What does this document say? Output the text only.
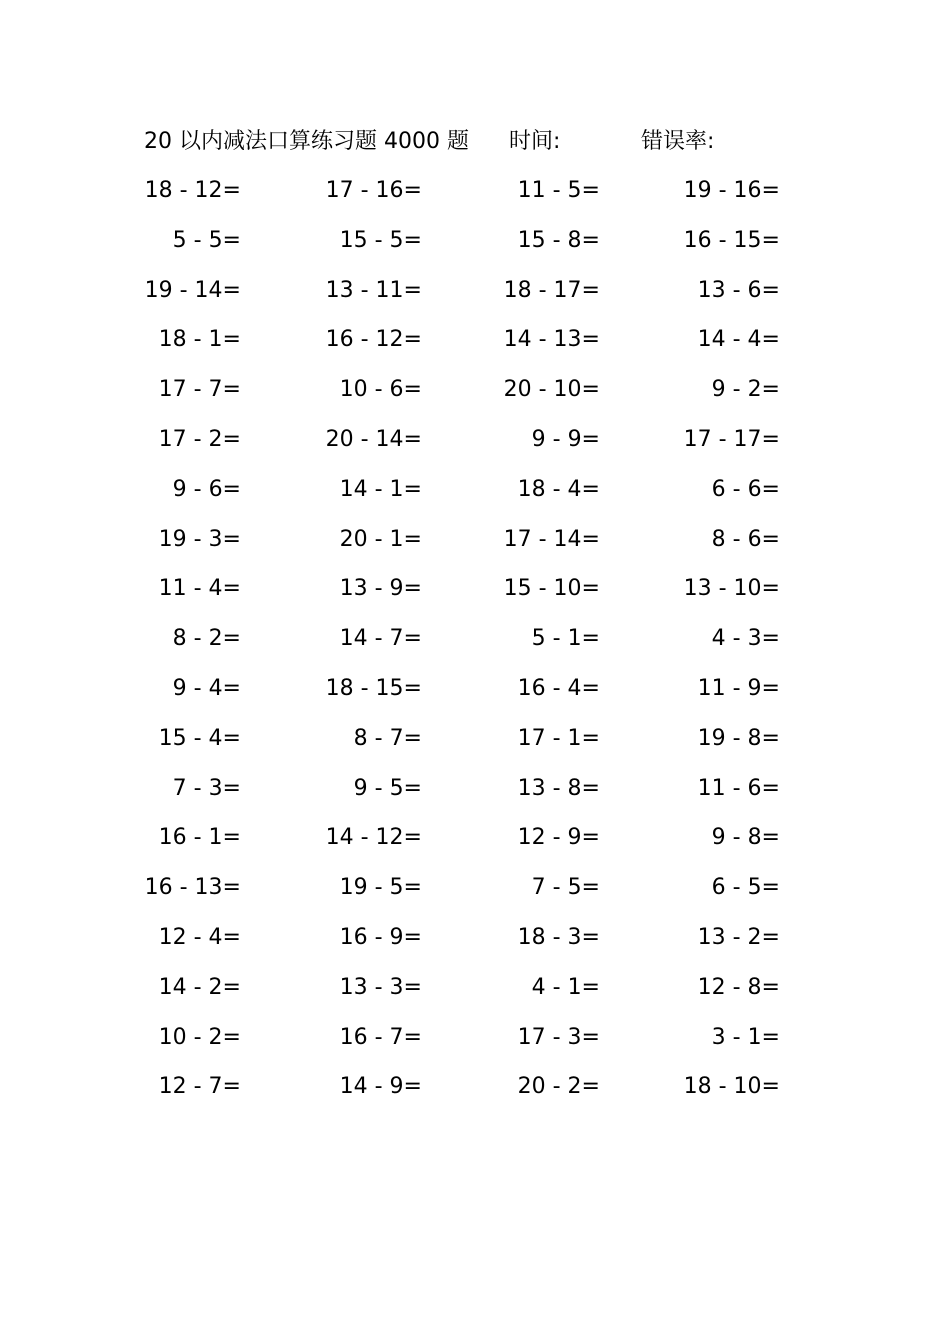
20 以内减法口算练习题 4000 题 时间:	错误率:
18 - 12=	17 - 16=	11 - 5=	19 - 16=
5 - 5=	15 - 5=	15 - 8=	16 - 15=
19 - 14=	13 - 11=	18 - 17=	13 - 6=
18 - 1=	16 - 12=	14 - 13=	14 - 4=
17 - 7=	10 - 6=	20 - 10=	9 - 2=
17 - 2=	20 - 14=	9 - 9=	17 - 17=
9 - 6=	14 - 1=	18 - 4=	6 - 6=
19 - 3=	20 - 1=	17 - 14=	8 - 6=
11 - 4=	13 - 9=	15 - 10=	13 - 10=
8 - 2=	14 - 7=	5 - 1=	4 - 3=
9 - 4=	18 - 15=	16 - 4=	11 - 9=
15 - 4=	8 - 7=	17 - 1=	19 - 8=
7 - 3=	9 - 5=	13 - 8=	11 - 6=
16 - 1=	14 - 12=	12 - 9=	9 - 8=
16 - 13=	19 - 5=	7 - 5=	6 - 5=
12 - 4=	16 - 9=	18 - 3=	13 - 2=
14 - 2=	13 - 3=	4 - 1=	12 - 8=
10 - 2=	16 - 7=	17 - 3=	3 - 1=
12 - 7=	14 - 9=	20 - 2=	18 - 10=
